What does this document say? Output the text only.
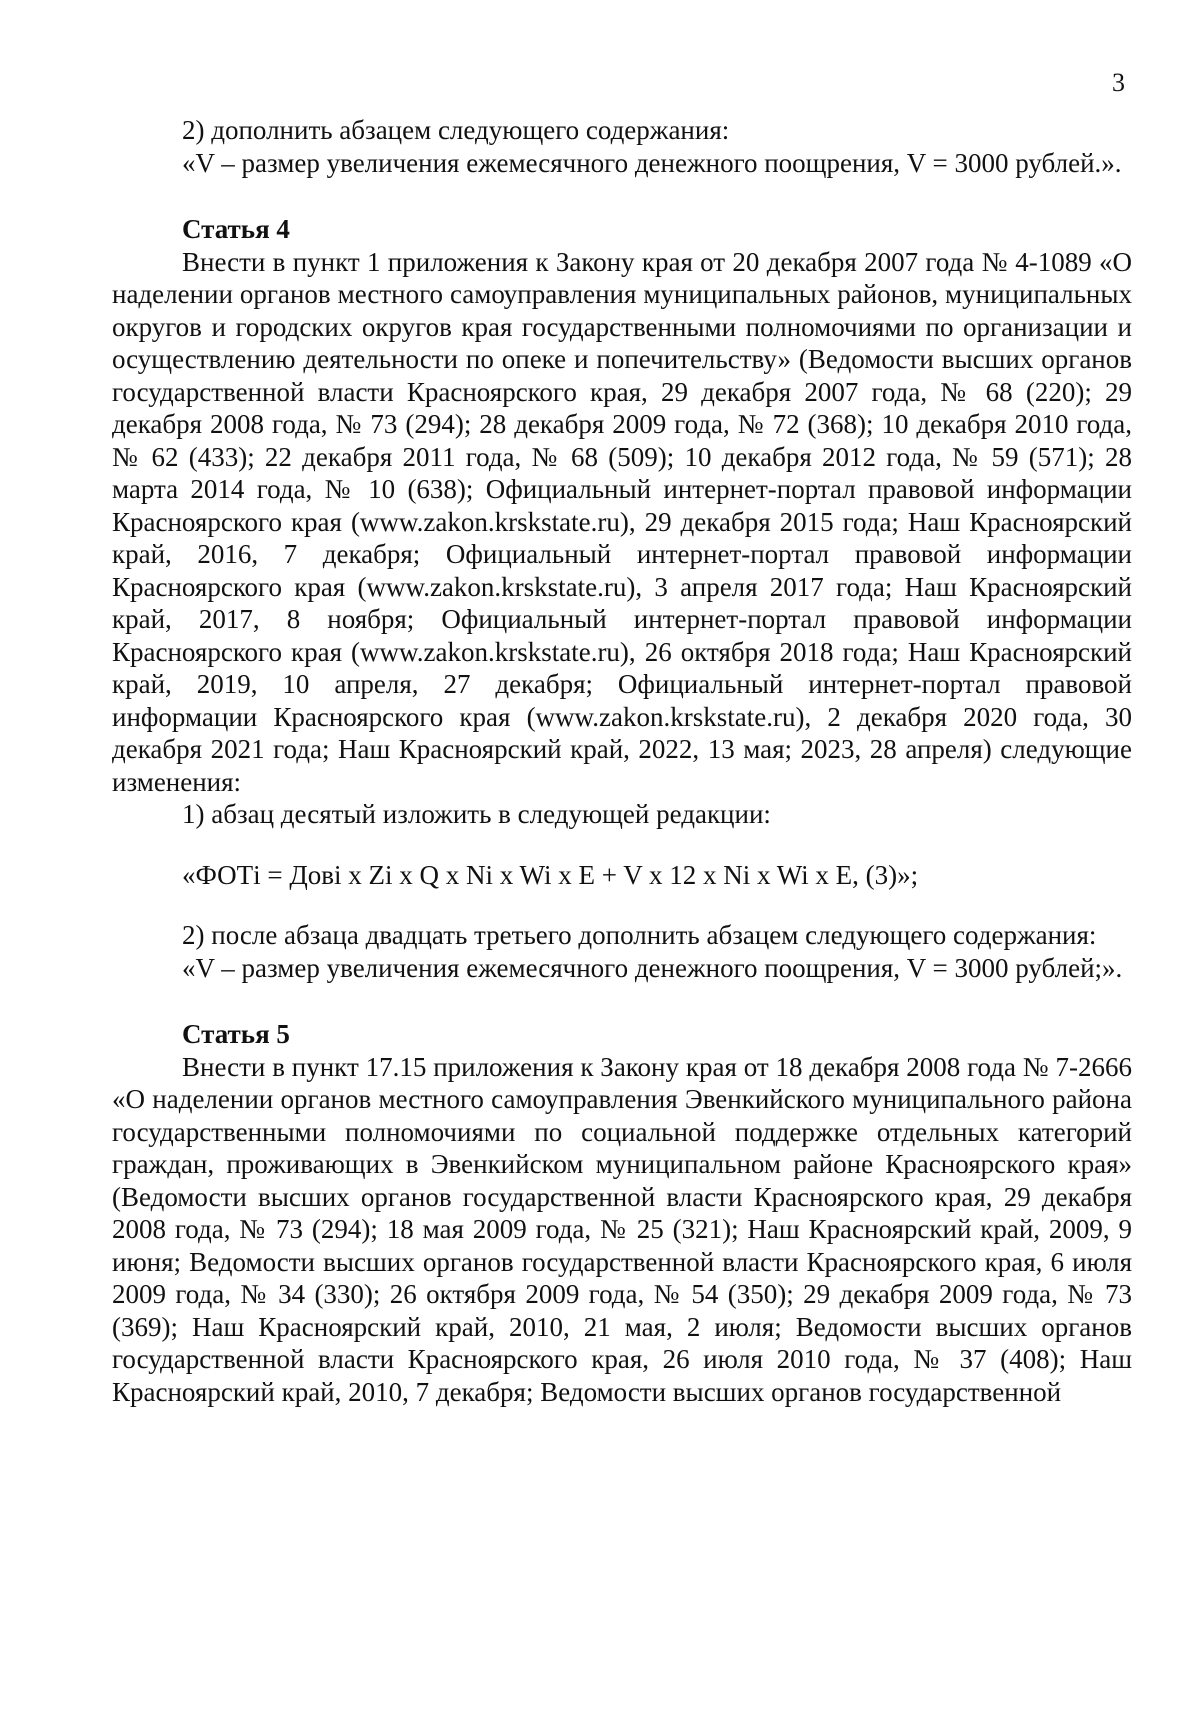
3

2) дополнить абзацем следующего содержания:

«V – размер увеличения ежемесячного денежного поощрения, V = 3000 рублей.».

Статья 4

Внести в пункт 1 приложения к Закону края от 20 декабря 2007 года № 4-1089 «О наделении органов местного самоуправления муниципальных районов, муниципальных округов и городских округов края государственными полномочиями по организации и осуществлению деятельности по опеке и попечительству» (Ведомости высших органов государственной власти Красноярского края, 29 декабря 2007 года, № 68 (220); 29 декабря 2008 года, № 73 (294); 28 декабря 2009 года, № 72 (368); 10 декабря 2010 года, № 62 (433); 22 декабря 2011 года, № 68 (509); 10 декабря 2012 года, № 59 (571); 28 марта 2014 года, № 10 (638); Официальный интернет-портал правовой информации Красноярского края (www.zakon.krskstate.ru), 29 декабря 2015 года; Наш Красноярский край, 2016, 7 декабря; Официальный интернет-портал правовой информации Красноярского края (www.zakon.krskstate.ru), 3 апреля 2017 года; Наш Красноярский край, 2017, 8 ноября; Официальный интернет-портал правовой информации Красноярского края (www.zakon.krskstate.ru), 26 октября 2018 года; Наш Красноярский край, 2019, 10 апреля, 27 декабря; Официальный интернет-портал правовой информации Красноярского края (www.zakon.krskstate.ru), 2 декабря 2020 года, 30 декабря 2021 года; Наш Красноярский край, 2022, 13 мая; 2023, 28 апреля) следующие изменения:

1) абзац десятый изложить в следующей редакции:

«ФОТi = Довi x Zi x Q x Ni x Wi x E + V x 12 x Ni x Wi x E, (3)»;

2) после абзаца двадцать третьего дополнить абзацем следующего содержания:

«V – размер увеличения ежемесячного денежного поощрения, V = 3000 рублей;».

Статья 5

Внести в пункт 17.15 приложения к Закону края от 18 декабря 2008 года № 7-2666 «О наделении органов местного самоуправления Эвенкийского муниципального района государственными полномочиями по социальной поддержке отдельных категорий граждан, проживающих в Эвенкийском муниципальном районе Красноярского края» (Ведомости высших органов государственной власти Красноярского края, 29 декабря 2008 года, № 73 (294); 18 мая 2009 года, № 25 (321); Наш Красноярский край, 2009, 9 июня; Ведомости высших органов государственной власти Красноярского края, 6 июля 2009 года, № 34 (330); 26 октября 2009 года, № 54 (350); 29 декабря 2009 года, № 73 (369); Наш Красноярский край, 2010, 21 мая, 2 июля; Ведомости высших органов государственной власти Красноярского края, 26 июля 2010 года, № 37 (408); Наш Красноярский край, 2010, 7 декабря; Ведомости высших органов государственной
